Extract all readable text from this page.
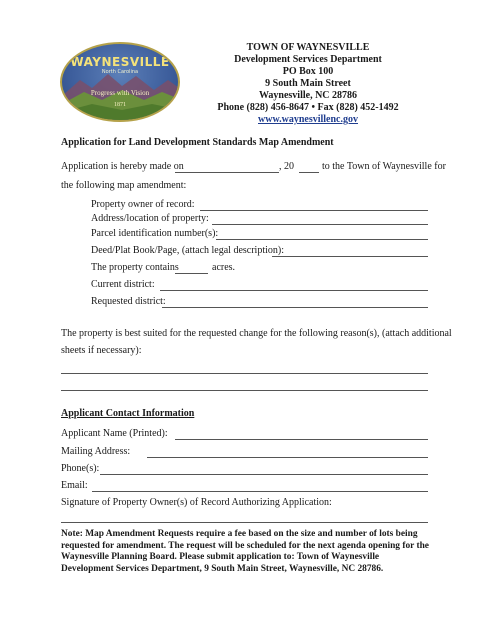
WAYNESVILLE
North Carolina
Progress with Vision
1871
TOWN OF WAYNESVILLE
Development Services Department
PO Box 100
9 South Main Street
Waynesville, NC 28786
Phone (828) 456-8647 • Fax (828) 452-1492
www.waynesvillenc.gov
Application for Land Development Standards Map Amendment
Application is hereby made on	, 20	to the Town of Waynesville for
the following map amendment:
Property owner of record:
Address/location of property:
Parcel identification number(s):
Deed/Plat Book/Page, (attach legal description):
The property contains	acres.
Current district:
Requested district:
The property is best suited for the requested change for the following reason(s), (attach additional
sheets if necessary):
Applicant Contact Information
Applicant Name (Printed):
Mailing Address:
Phone(s):
Email:
Signature of Property Owner(s) of Record Authorizing Application:
Note: Map Amendment Requests require a fee based on the size and number of lots being requested for amendment. The request will be scheduled for the next agenda opening for the Waynesville Planning Board. Please submit application to: Town of Waynesville Development Services Department, 9 South Main Street, Waynesville, NC 28786.
